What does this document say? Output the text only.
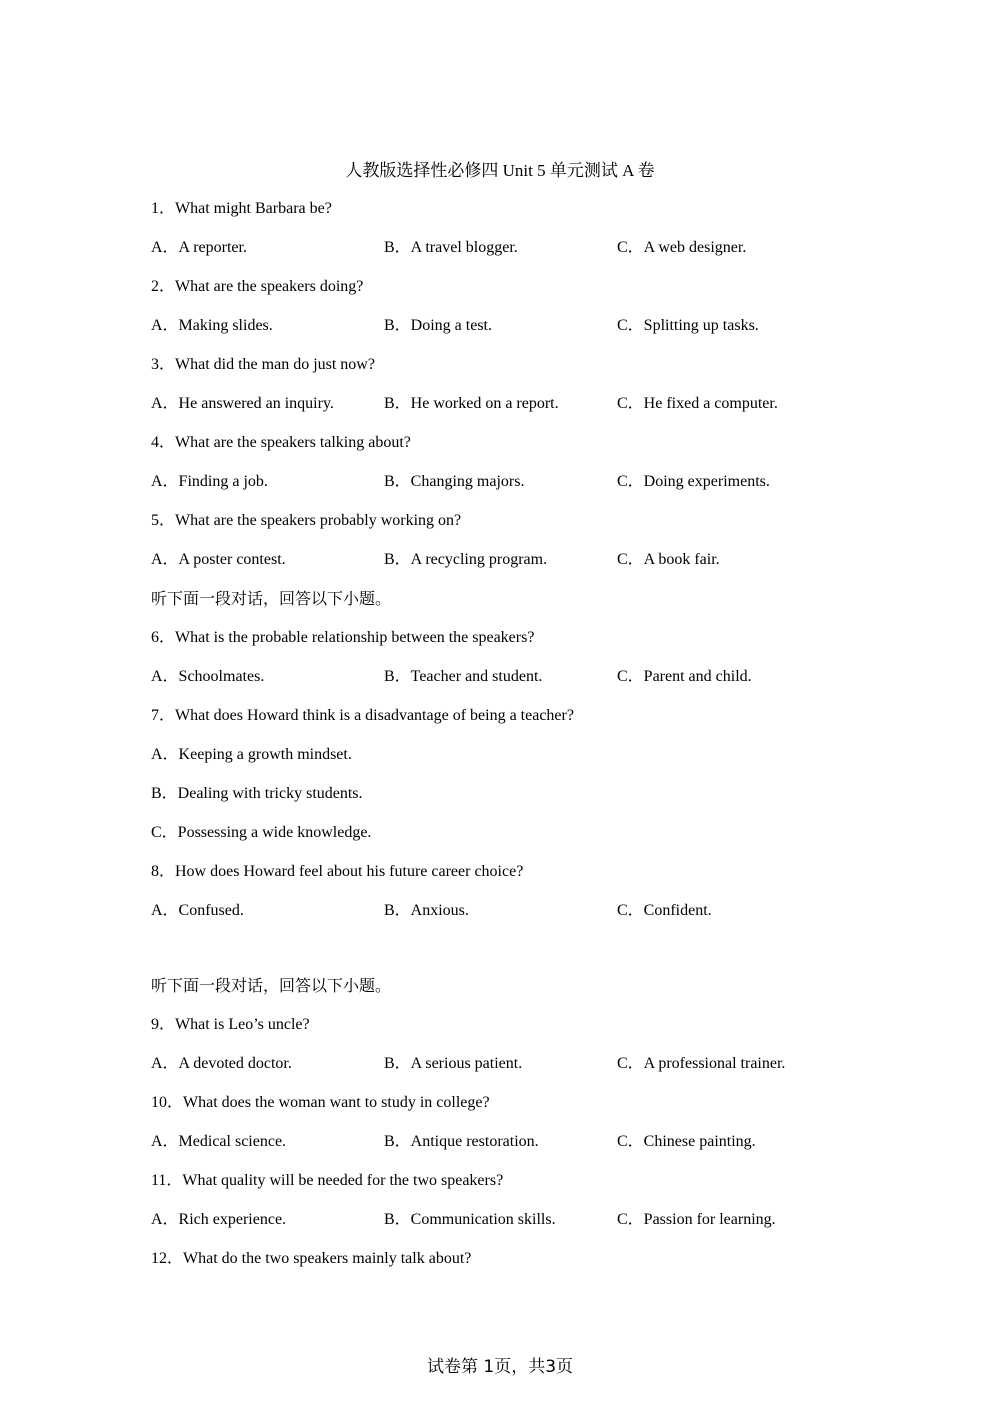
人教版选择性必修四 Unit 5 单元测试 A 卷
1．What might Barbara be?
A．A reporter.	B．A travel blogger.	C．A web designer.
2．What are the speakers doing?
A．Making slides.	B．Doing a test.	C．Splitting up tasks.
3．What did the man do just now?
A．He answered an inquiry.	B．He worked on a report.	C．He fixed a computer.
4．What are the speakers talking about?
A．Finding a job.	B．Changing majors.	C．Doing experiments.
5．What are the speakers probably working on?
A．A poster contest.	B．A recycling program.	C．A book fair.
听下面一段对话，回答以下小题。
6．What is the probable relationship between the speakers?
A．Schoolmates.	B．Teacher and student.	C．Parent and child.
7．What does Howard think is a disadvantage of being a teacher?
A．Keeping a growth mindset.
B．Dealing with tricky students.
C．Possessing a wide knowledge.
8．How does Howard feel about his future career choice?
A．Confused.	B．Anxious.	C．Confident.
听下面一段对话，回答以下小题。
9．What is Leo’s uncle?
A．A devoted doctor.	B．A serious patient.	C．A professional trainer.
10．What does the woman want to study in college?
A．Medical science.	B．Antique restoration.	C．Chinese painting.
11．What quality will be needed for the two speakers?
A．Rich experience.	B．Communication skills.	C．Passion for learning.
12．What do the two speakers mainly talk about?
试卷第 1页，共3页
